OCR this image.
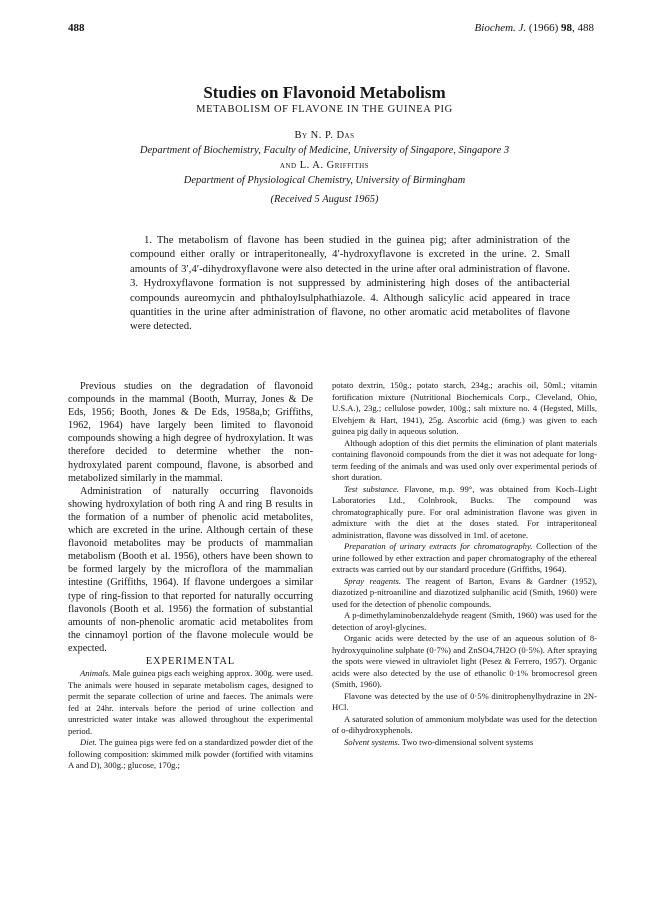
488	Biochem. J. (1966) 98, 488
Studies on Flavonoid Metabolism
METABOLISM OF FLAVONE IN THE GUINEA PIG
By N. P. Das
Department of Biochemistry, Faculty of Medicine, University of Singapore, Singapore 3
and L. A. Griffiths
Department of Physiological Chemistry, University of Birmingham
(Received 5 August 1965)
1. The metabolism of flavone has been studied in the guinea pig; after administration of the compound either orally or intraperitoneally, 4′-hydroxyflavone is excreted in the urine. 2. Small amounts of 3′,4′-dihydroxyflavone were also detected in the urine after oral administration of flavone. 3. Hydroxyflavone formation is not suppressed by administering high doses of the antibacterial compounds aureomycin and phthaloylsulphathiazole. 4. Although salicylic acid appeared in trace quantities in the urine after administration of flavone, no other aromatic acid metabolites of flavone were detected.

Previous studies on the degradation of flavonoid compounds in the mammal (Booth, Murray, Jones & De Eds, 1956; Booth, Jones & De Eds, 1958a,b; Griffiths, 1962, 1964) have largely been limited to flavonoid compounds showing a high degree of hydroxylation. It was therefore decided to determine whether the non-hydroxylated parent compound, flavone, is absorbed and metabolized similarly in the mammal.

Administration of naturally occurring flavonoids showing hydroxylation of both ring A and ring B results in the formation of a number of phenolic acid metabolites, which are excreted in the urine. Although certain of these flavonoid metabolites may be products of mammalian metabolism (Booth et al. 1956), others have been shown to be formed largely by the microflora of the mammalian intestine (Griffiths, 1964). If flavone undergoes a similar type of ring-fission to that reported for naturally occurring flavonols (Booth et al. 1956) the formation of substantial amounts of non-phenolic aromatic acid metabolites from the cinnamoyl portion of the flavone molecule would be expected.

EXPERIMENTAL

Animals. Male guinea pigs each weighing approx. 300g. were used. The animals were housed in separate metabolism cages, designed to permit the separate collection of urine and faeces. The animals were fed at 24hr. intervals before the period of urine collection and unrestricted water intake was allowed throughout the experimental period.

Diet. The guinea pigs were fed on a standardized powder diet of the following composition: skimmed milk powder (fortified with vitamins A and D), 300g.; glucose, 170g.;

potato dextrin, 150g.; potato starch, 234g.; arachis oil, 50ml.; vitamin fortification mixture (Nutritional Biochemicals Corp., Cleveland, Ohio, U.S.A.), 23g.; cellulose powder, 100g.; salt mixture no. 4 (Hegsted, Mills, Elvehjem & Hart, 1941), 25g. Ascorbic acid (6mg.) was given to each guinea pig daily in aqueous solution.

Although adoption of this diet permits the elimination of plant materials containing flavonoid compounds from the diet it was not adequate for long-term feeding of the animals and was used only over experimental periods of short duration.

Test substance. Flavone, m.p. 99°, was obtained from Koch–Light Laboratories Ltd., Colnbrook, Bucks. The compound was chromatographically pure. For oral administration flavone was given in admixture with the diet at the doses stated. For intraperitoneal administration, flavone was dissolved in 1ml. of acetone.

Preparation of urinary extracts for chromatography. Collection of the urine followed by ether extraction and paper chromatography of the ethereal extracts was carried out by our standard procedure (Griffiths, 1964).

Spray reagents. The reagent of Barton, Evans & Gardner (1952), diazotized p-nitroaniline and diazotized sulphanilic acid (Smith, 1960) were used for the detection of phenolic compounds.

A p-dimethylaminobenzaldehyde reagent (Smith, 1960) was used for the detection of aroyl-glycines.

Organic acids were detected by the use of an aqueous solution of 8-hydroxyquinoline sulphate (0·7%) and ZnSO4,7H2O (0·5%). After spraying the spots were viewed in ultraviolet light (Pesez & Ferrero, 1957). Organic acids were also detected by the use of ethanolic 0·1% bromocresol green (Smith, 1960).

Flavone was detected by the use of 0·5% dinitrophenylhydrazine in 2N-HCl.

A saturated solution of ammonium molybdate was used for the detection of o-dihydroxyphenols.

Solvent systems. Two two-dimensional solvent systems
